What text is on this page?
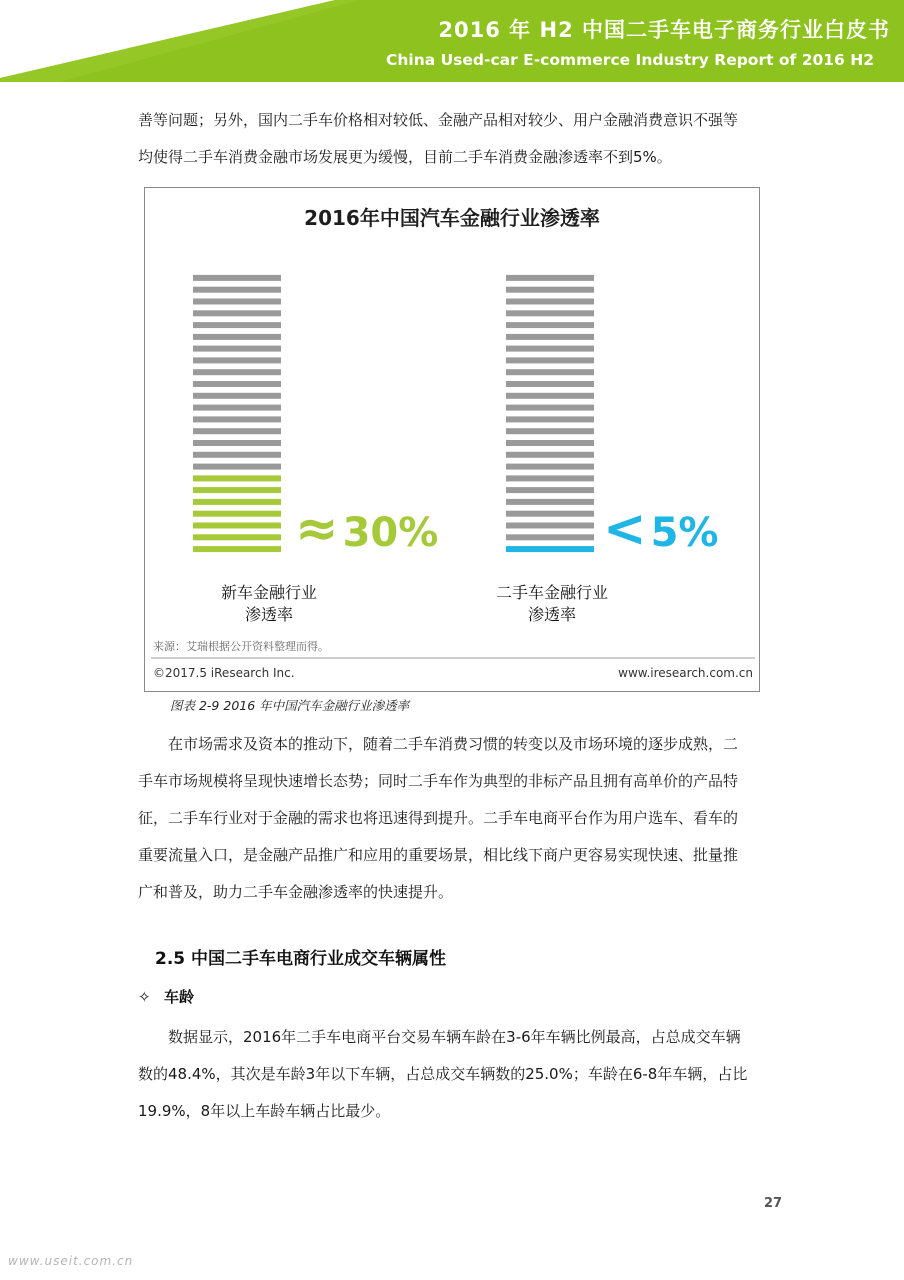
2016 年 H2 中国二手车电子商务行业白皮书
China Used-car E-commerce Industry Report of 2016 H2

善等问题；另外，国内二手车价格相对较低、金融产品相对较少、用户金融消费意识不强等
均使得二手车消费金融市场发展更为缓慢，目前二手车消费金融渗透率不到5%。

≈ 30%	< 5%
2016年中国汽车金融行业渗透率
新车金融行业
渗透率
二手车金融行业
渗透率
来源：艾瑞根据公开资料整理而得。
©2017.5 iResearch Inc.	www.iresearch.com.cn
图表 2-9 2016 年中国汽车金融行业渗透率

在市场需求及资本的推动下，随着二手车消费习惯的转变以及市场环境的逐步成熟，二
手车市场规模将呈现快速增长态势；同时二手车作为典型的非标产品且拥有高单价的产品特
征，二手车行业对于金融的需求也将迅速得到提升。二手车电商平台作为用户选车、看车的
重要流量入口，是金融产品推广和应用的重要场景，相比线下商户更容易实现快速、批量推
广和普及，助力二手车金融渗透率的快速提升。

2.5 中国二手车电商行业成交车辆属性
✧ 车龄

数据显示，2016年二手车电商平台交易车辆车龄在3-6年车辆比例最高，占总成交车辆
数的48.4%，其次是车龄3年以下车辆，占总成交车辆数的25.0%；车龄在6-8年车辆，占比
19.9%，8年以上车龄车辆占比最少。

27
www.useit.com.cn
